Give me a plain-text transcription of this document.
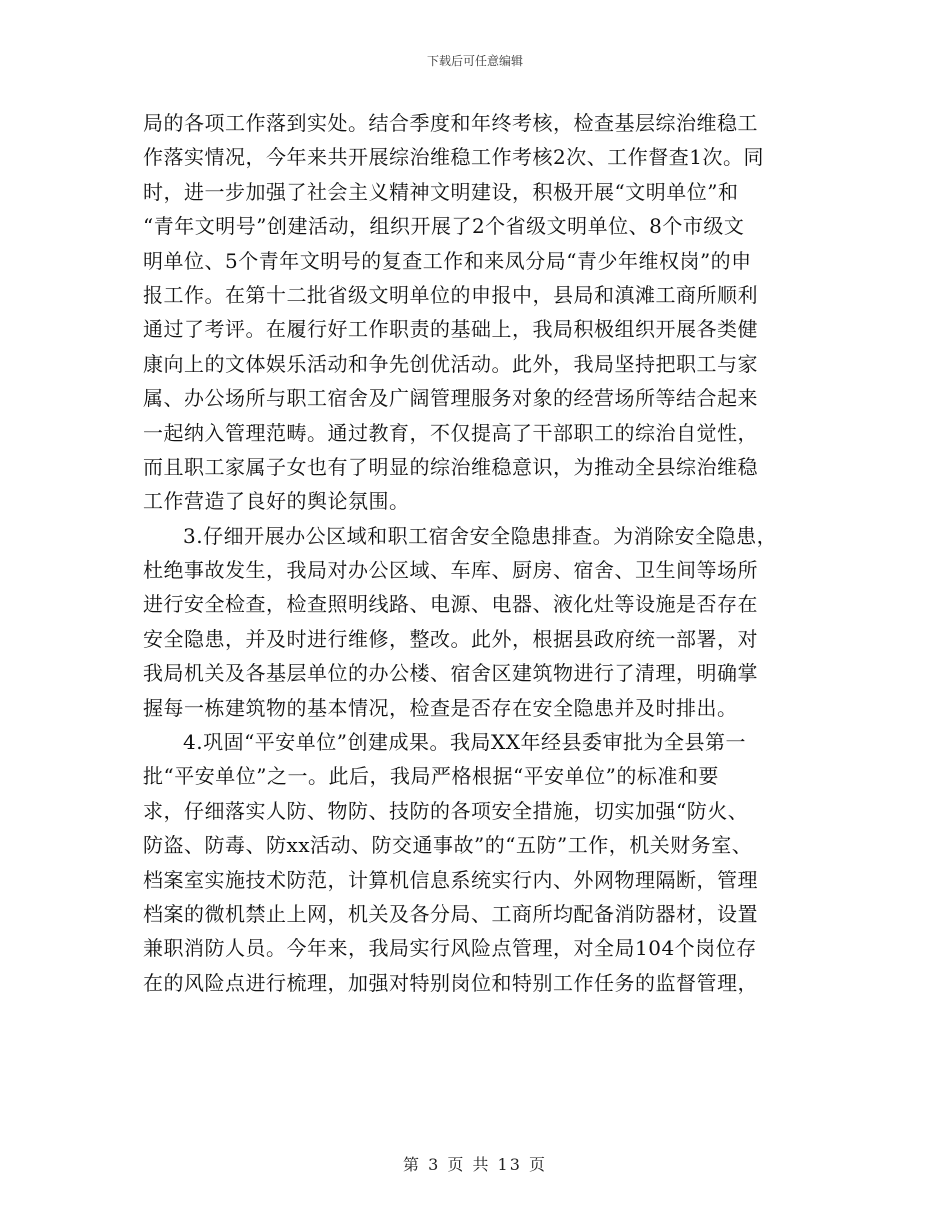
下载后可任意编辑
局的各项工作落到实处。结合季度和年终考核，检查基层综治维稳工
作落实情况，今年来共开展综治维稳工作考核2次、工作督查1次。同
时，进一步加强了社会主义精神文明建设，积极开展“文明单位”和
“青年文明号”创建活动，组织开展了2个省级文明单位、8个市级文
明单位、5个青年文明号的复查工作和来凤分局“青少年维权岗”的申
报工作。在第十二批省级文明单位的申报中，县局和滇滩工商所顺利
通过了考评。在履行好工作职责的基础上，我局积极组织开展各类健
康向上的文体娱乐活动和争先创优活动。此外，我局坚持把职工与家
属、办公场所与职工宿舍及广阔管理服务对象的经营场所等结合起来
一起纳入管理范畴。通过教育，不仅提高了干部职工的综治自觉性，
而且职工家属子女也有了明显的综治维稳意识，为推动全县综治维稳
工作营造了良好的舆论氛围。
3.仔细开展办公区域和职工宿舍安全隐患排查。为消除安全隐患，
杜绝事故发生，我局对办公区域、车库、厨房、宿舍、卫生间等场所
进行安全检查，检查照明线路、电源、电器、液化灶等设施是否存在
安全隐患，并及时进行维修，整改。此外，根据县政府统一部署，对
我局机关及各基层单位的办公楼、宿舍区建筑物进行了清理，明确掌
握每一栋建筑物的基本情况，检查是否存在安全隐患并及时排出。
4.巩固“平安单位”创建成果。我局XX年经县委审批为全县第一
批“平安单位”之一。此后，我局严格根据“平安单位”的标准和要
求，仔细落实人防、物防、技防的各项安全措施，切实加强“防火、
防盗、防毒、防xx活动、防交通事故”的“五防”工作，机关财务室、
档案室实施技术防范，计算机信息系统实行内、外网物理隔断，管理
档案的微机禁止上网，机关及各分局、工商所均配备消防器材，设置
兼职消防人员。今年来，我局实行风险点管理，对全局104个岗位存
在的风险点进行梳理，加强对特别岗位和特别工作任务的监督管理，
第 3 页 共 13 页
